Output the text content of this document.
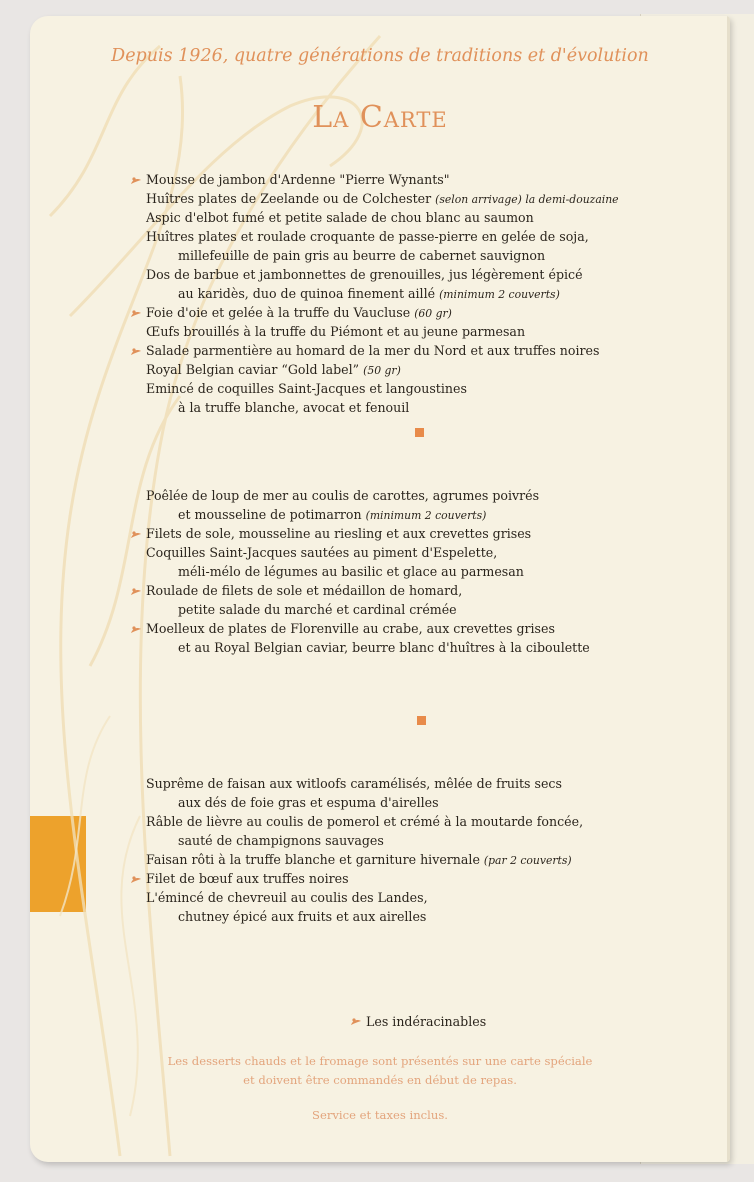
Depuis 1926, quatre générations de traditions et d'évolution
La Carte
Mousse de jambon d'Ardenne "Pierre Wynants"
Huîtres plates de Zeelande ou de Colchester (selon arrivage) la demi-douzaine
Aspic d'elbot fumé et petite salade de chou blanc au saumon
Huîtres plates et roulade croquante de passe-pierre en gelée de soja,
millefeuille de pain gris au beurre de cabernet sauvignon
Dos de barbue et jambonnettes de grenouilles, jus légèrement épicé
au karidès, duo de quinoa finement aillé (minimum 2 couverts)
Foie d'oie et gelée à la truffe du Vaucluse (60 gr)
Œufs brouillés à la truffe du Piémont et au jeune parmesan
Salade parmentière au homard de la mer du Nord et aux truffes noires
Royal Belgian caviar “Gold label” (50 gr)
Emincé de coquilles Saint-Jacques et langoustines
à la truffe blanche, avocat et fenouil
Poêlée de loup de mer au coulis de carottes, agrumes poivrés
et mousseline de potimarron (minimum 2 couverts)
Filets de sole, mousseline au riesling et aux crevettes grises
Coquilles Saint-Jacques sautées au piment d'Espelette,
méli-mélo de légumes au basilic et glace au parmesan
Roulade de filets de sole et médaillon de homard,
petite salade du marché et cardinal crémée
Moelleux de plates de Florenville au crabe, aux crevettes grises
et au Royal Belgian caviar, beurre blanc d'huîtres à la ciboulette
Suprême de faisan aux witloofs caramélisés, mêlée de fruits secs
aux dés de foie gras et espuma d'airelles
Râble de lièvre au coulis de pomerol et crémé à la moutarde foncée,
sauté de champignons sauvages
Faisan rôti à la truffe blanche et garniture hivernale (par 2 couverts)
Filet de bœuf aux truffes noires
L'émincé de chevreuil au coulis des Landes,
chutney épicé aux fruits et aux airelles
Les indéracinables
Les desserts chauds et le fromage sont présentés sur une carte spéciale
et doivent être commandés en début de repas.
Service et taxes inclus.
